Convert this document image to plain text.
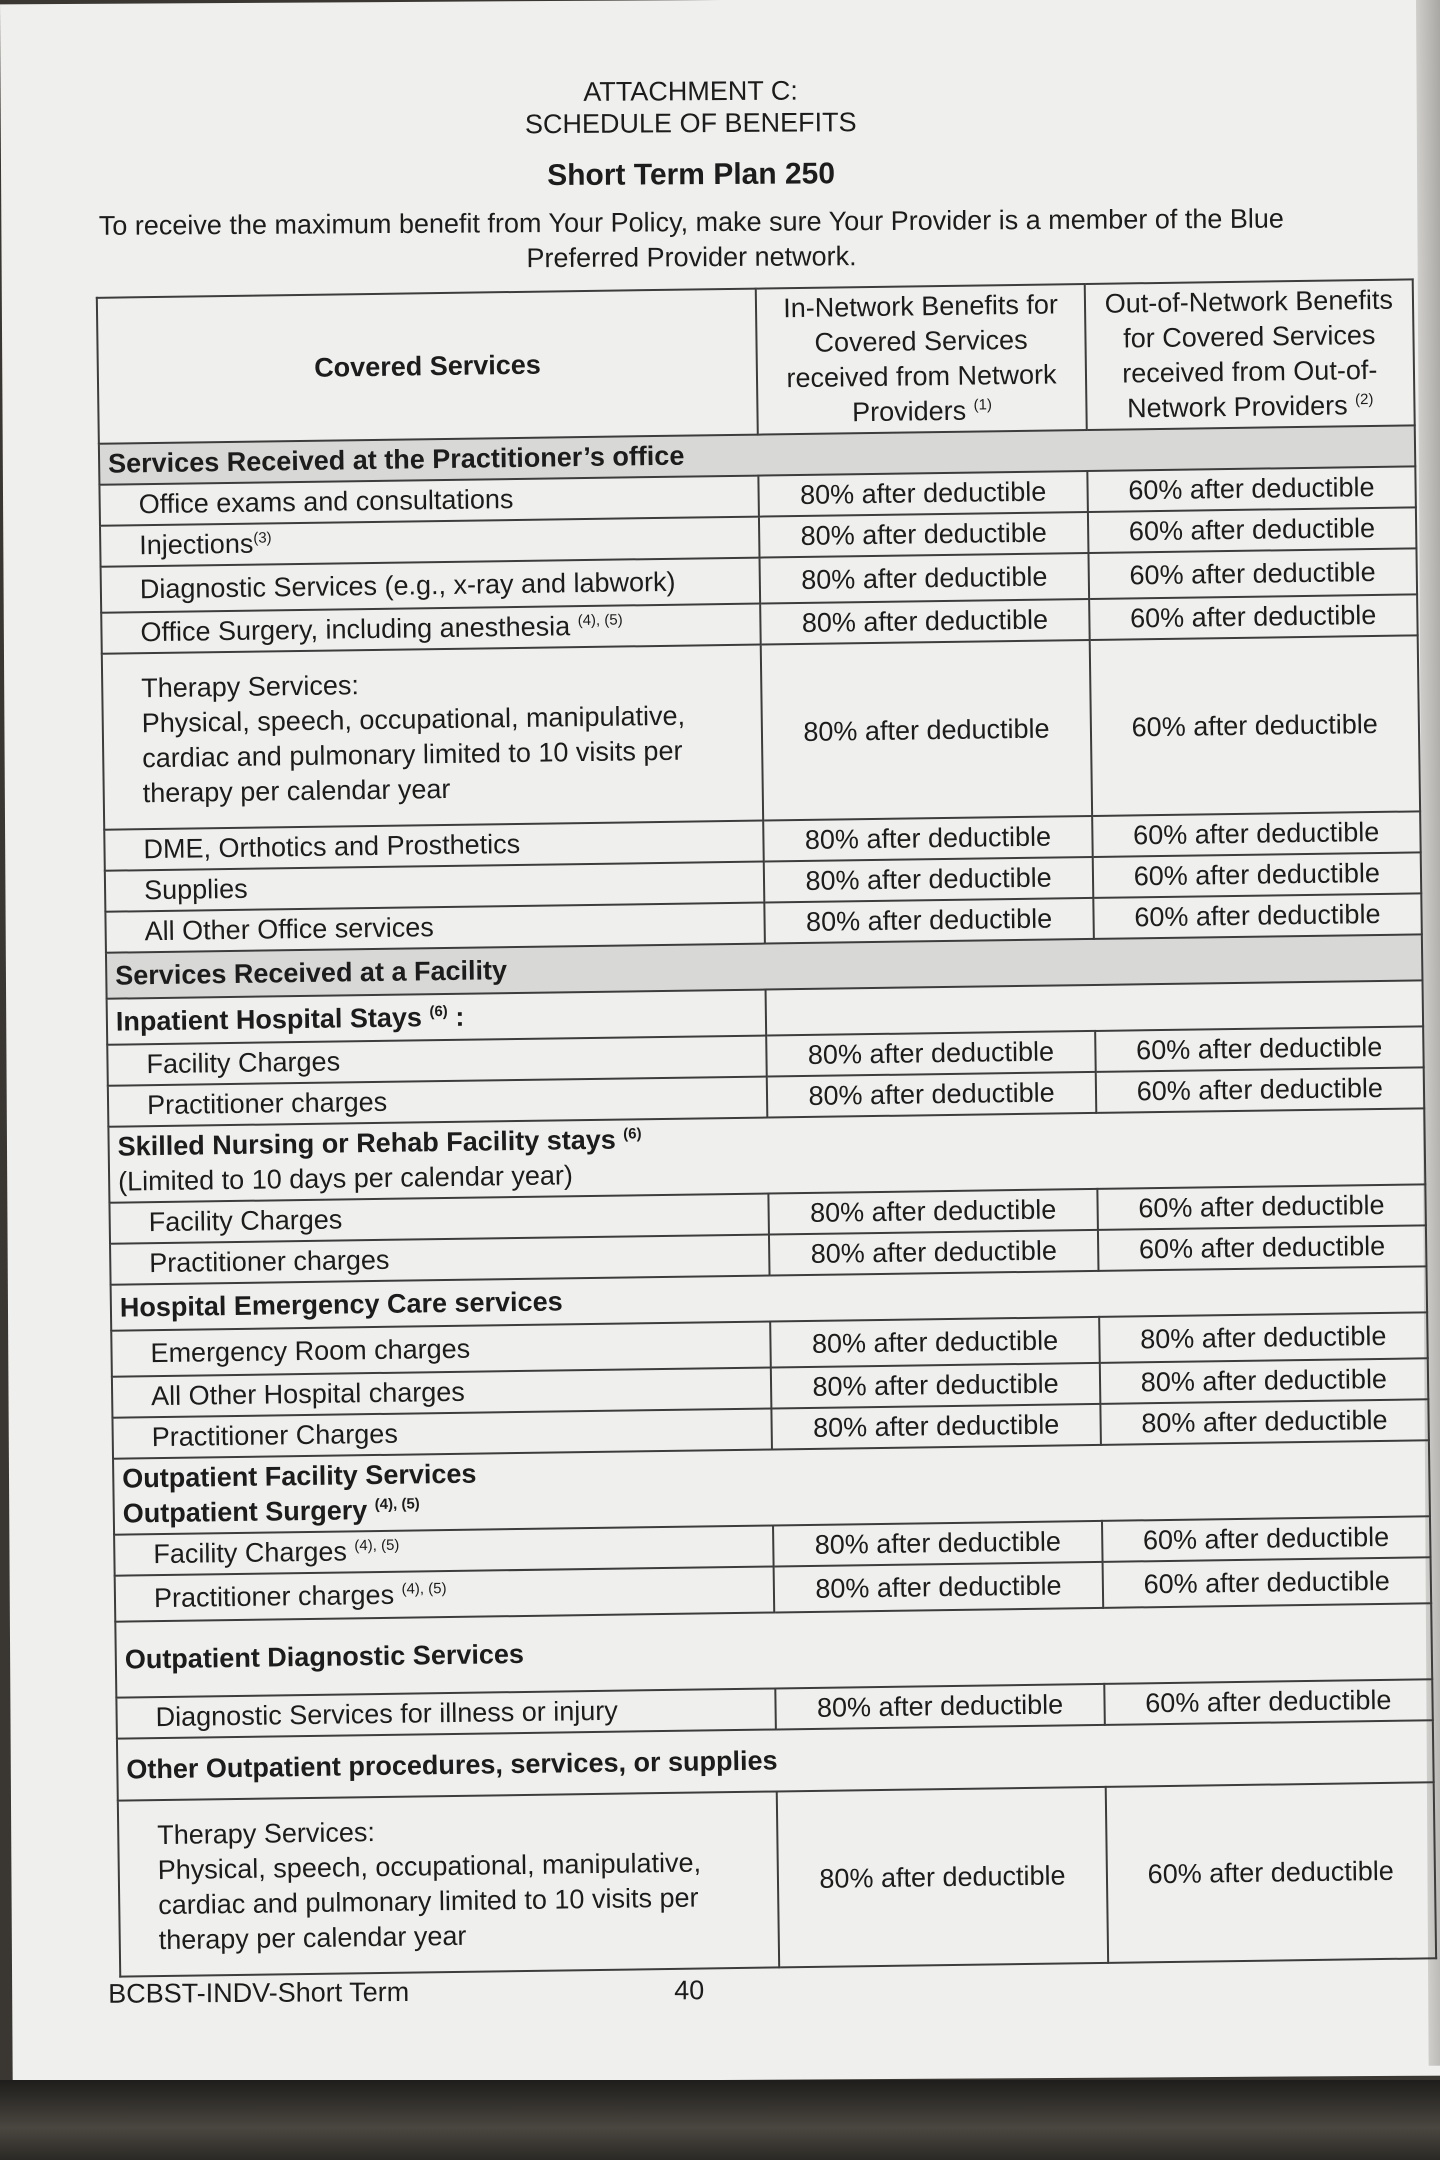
ATTACHMENT C:
SCHEDULE OF BENEFITS
Short Term Plan 250
To receive the maximum benefit from Your Policy, make sure Your Provider is a member of the Blue Preferred Provider network.
Covered Services	In-Network Benefits for Covered Services received from Network Providers $^{(1)}$	Out-of-Network Benefits for Covered Services received from Out-of-Network Providers $^{(2)}$
Services Received at the Practitioner’s office		
Office exams and consultations	80% after deductible	60% after deductible
Injections$^{(3)}$	80% after deductible	60% after deductible
Diagnostic Services (e.g., x-ray and labwork)	80% after deductible	60% after deductible
Office Surgery, including anesthesia $^{(4), (5)}$	80% after deductible	60% after deductible

Therapy Services:
Physical, speech, occupational, manipulative, cardiac and pulmonary limited to 10 visits per therapy per calendar year	80% after deductible	60% after deductible
DME, Orthotics and Prosthetics	80% after deductible	60% after deductible
Supplies	80% after deductible	60% after deductible
All Other Office services	80% after deductible	60% after deductible
Services Received at a Facility		
Inpatient Hospital Stays $^{(6)}$ :		
Facility Charges	80% after deductible	60% after deductible
Practitioner charges	80% after deductible	60% after deductible
Skilled Nursing or Rehab Facility stays $^{(6)}$
(Limited to 10 days per calendar year)		
Facility Charges	80% after deductible	60% after deductible
Practitioner charges	80% after deductible	60% after deductible
Hospital Emergency Care services		
Emergency Room charges	80% after deductible	80% after deductible
All Other Hospital charges	80% after deductible	80% after deductible
Practitioner Charges	80% after deductible	80% after deductible
Outpatient Facility Services
Outpatient Surgery $^{(4), (5)}$
Facility Charges $^{(4), (5)}$	80% after deductible	60% after deductible
Practitioner charges $^{(4), (5)}$	80% after deductible	60% after deductible
Outpatient Diagnostic Services		
Diagnostic Services for illness or injury	80% after deductible	60% after deductible
Other Outpatient procedures, services, or supplies		

Therapy Services:
Physical, speech, occupational, manipulative, cardiac and pulmonary limited to 10 visits per therapy per calendar year	80% after deductible	60% after deductible
BCBST-INDV-Short Term	40
